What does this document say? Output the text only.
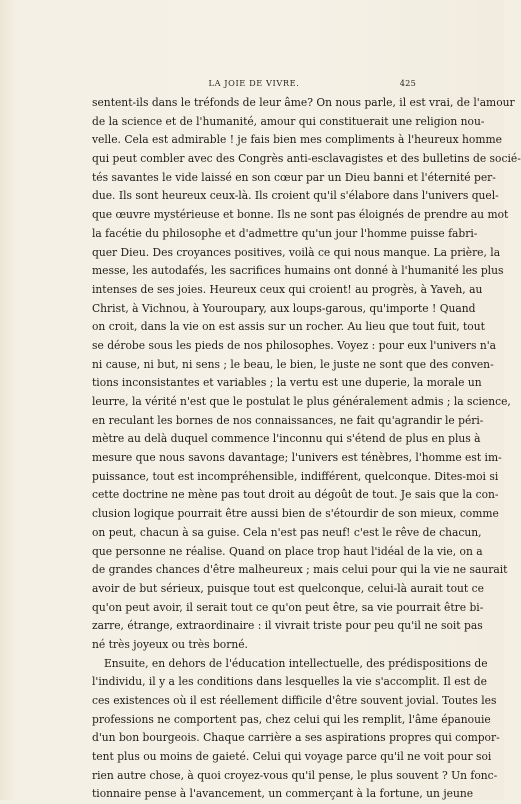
LA JOIE DE VIVRE.	425

sentent-ils dans le tréfonds de leur âme? On nous parle, il est vrai, de l'amour

de la science et de l'humanité, amour qui constituerait une religion nou-

velle. Cela est admirable ! je fais bien mes compliments à l'heureux homme

qui peut combler avec des Congrès anti-esclavagistes et des bulletins de socié-

tés savantes le vide laissé en son cœur par un Dieu banni et l'éternité per-

due. Ils sont heureux ceux-là. Ils croient qu'il s'élabore dans l'univers quel-

que œuvre mystérieuse et bonne. Ils ne sont pas éloignés de prendre au mot

la facétie du philosophe et d'admettre qu'un jour l'homme puisse fabri-

quer Dieu. Des croyances positives, voilà ce qui nous manque. La prière, la

messe, les autodafés, les sacrifices humains ont donné à l'humanité les plus

intenses de ses joies. Heureux ceux qui croient! au progrès, à Yaveh, au

Christ, à Vichnou, à Youroupary, aux loups-garous, qu'importe ! Quand

on croit, dans la vie on est assis sur un rocher. Au lieu que tout fuit, tout

se dérobe sous les pieds de nos philosophes. Voyez : pour eux l'univers n'a

ni cause, ni but, ni sens ; le beau, le bien, le juste ne sont que des conven-

tions inconsistantes et variables ; la vertu est une duperie, la morale un

leurre, la vérité n'est que le postulat le plus généralement admis ; la science,

en reculant les bornes de nos connaissances, ne fait qu'agrandir le péri-

mètre au delà duquel commence l'inconnu qui s'étend de plus en plus à

mesure que nous savons davantage; l'univers est ténèbres, l'homme est im-

puissance, tout est incompréhensible, indifférent, quelconque. Dites-moi si

cette doctrine ne mène pas tout droit au dégoût de tout. Je sais que la con-

clusion logique pourrait être aussi bien de s'étourdir de son mieux, comme

on peut, chacun à sa guise. Cela n'est pas neuf! c'est le rêve de chacun,

que personne ne réalise. Quand on place trop haut l'idéal de la vie, on a

de grandes chances d'être malheureux ; mais celui pour qui la vie ne saurait

avoir de but sérieux, puisque tout est quelconque, celui-là aurait tout ce

qu'on peut avoir, il serait tout ce qu'on peut être, sa vie pourrait être bi-

zarre, étrange, extraordinaire : il vivrait triste pour peu qu'il ne soit pas

né très joyeux ou très borné.

Ensuite, en dehors de l'éducation intellectuelle, des prédispositions de

l'individu, il y a les conditions dans lesquelles la vie s'accomplit. Il est de

ces existences où il est réellement difficile d'être souvent jovial. Toutes les

professions ne comportent pas, chez celui qui les remplit, l'âme épanouie

d'un bon bourgeois. Chaque carrière a ses aspirations propres qui compor-

tent plus ou moins de gaieté. Celui qui voyage parce qu'il ne voit pour soi

rien autre chose, à quoi croyez-vous qu'il pense, le plus souvent ? Un fonc-

tionnaire pense à l'avancement, un commerçant à la fortune, un jeune
